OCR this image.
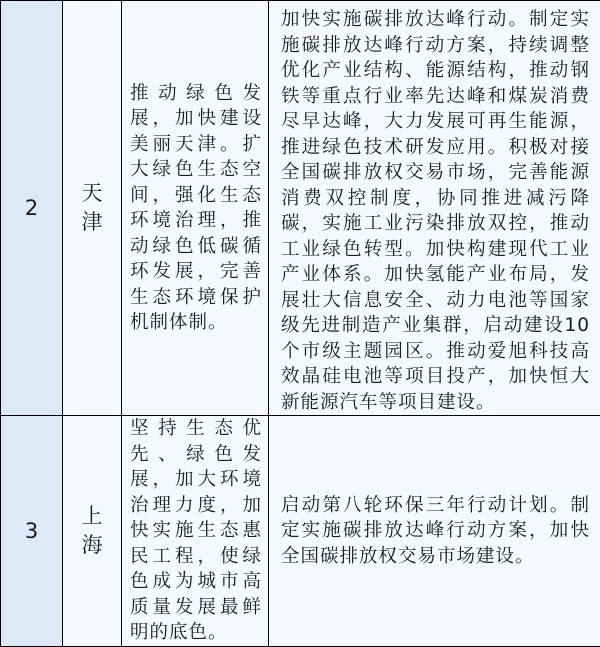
2	天津	推动绿色发展，加快建设美丽天津。扩大绿色生态空间，强化生态环境治理，推动绿色低碳循环发展，完善生态环境保护机制体制。	加快实施碳排放达峰行动。制定实施碳排放达峰行动方案，持续调整优化产业结构、能源结构，推动钢铁等重点行业率先达峰和煤炭消费尽早达峰，大力发展可再生能源，推进绿色技术研发应用。积极对接全国碳排放权交易市场，完善能源消费双控制度，协同推进减污降碳，实施工业污染排放双控，推动工业绿色转型。加快构建现代工业产业体系。加快氢能产业布局，发展壮大信息安全、动力电池等国家级先进制造产业集群，启动建设10个市级主题园区。推动爱旭科技高效晶硅电池等项目投产，加快恒大新能源汽车等项目建设。
3	上海	坚持生态优先、绿色发展，加大环境治理力度，加快实施生态惠民工程，使绿色成为城市高质量发展最鲜明的底色。	启动第八轮环保三年行动计划。制定实施碳排放达峰行动方案，加快全国碳排放权交易市场建设。
